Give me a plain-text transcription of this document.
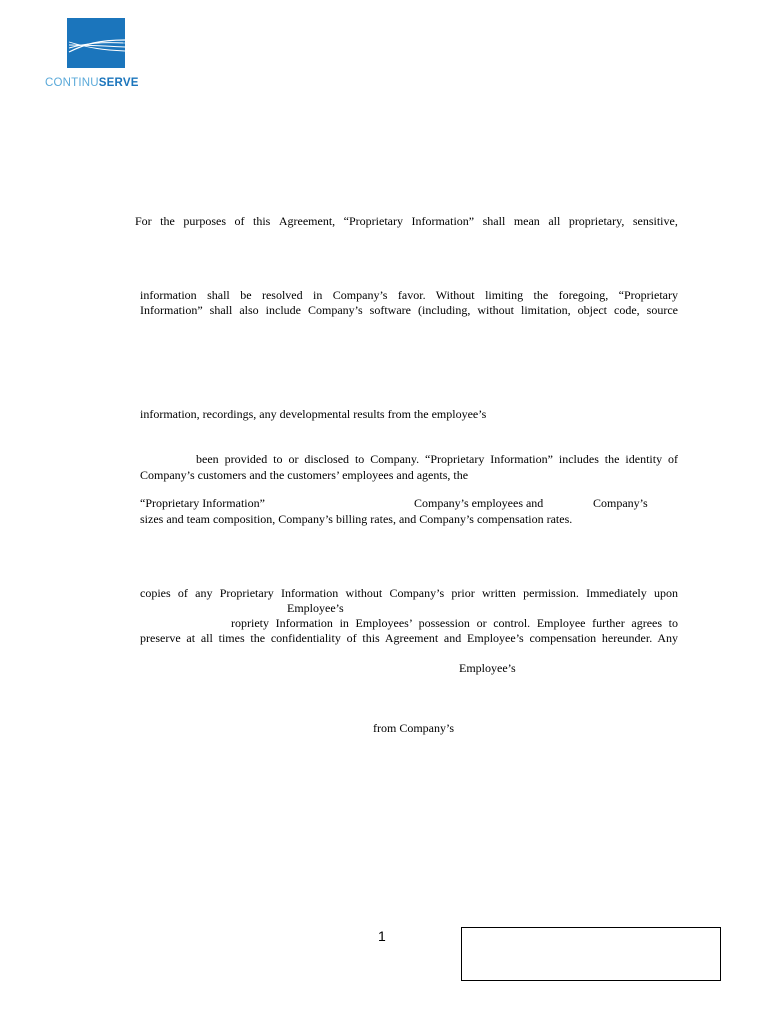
CONTINUSERVE
For the purposes of this Agreement, “Proprietary Information” shall mean all proprietary, sensitive,
information shall be resolved in Company’s favor. Without limiting the foregoing, “Proprietary
Information” shall also include Company’s software (including, without limitation, object code, source
information, recordings, any developmental results from the employee’s
been provided to or disclosed to Company. “Proprietary Information” includes the identity of
Company’s customers and the customers’ employees and agents, the
“Proprietary Information”	Company’s employees and	Company’s
sizes and team composition, Company’s billing rates, and Company’s compensation rates.
copies of any Proprietary Information without Company’s prior written permission. Immediately upon
Employee’s
ropriety Information in Employees’ possession or control. Employee further agrees to
preserve at all times the confidentiality of this Agreement and Employee’s compensation hereunder. Any
Employee’s
from Company’s
1
